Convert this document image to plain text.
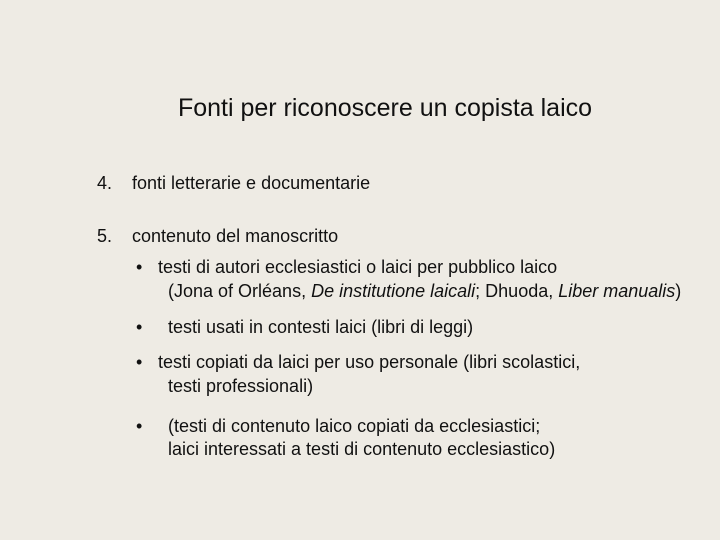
Fonti per riconoscere un copista laico
4. fonti letterarie e documentarie
5. contenuto del manoscritto
• testi di autori ecclesiastici o laici per pubblico laico
(Jona of Orléans, De institutione laicali; Dhuoda, Liber manualis)
• testi usati in contesti laici (libri di leggi)
• testi copiati da laici per uso personale (libri scolastici,
testi professionali)
• (testi di contenuto laico copiati da ecclesiastici;
laici interessati a testi di contenuto ecclesiastico)
